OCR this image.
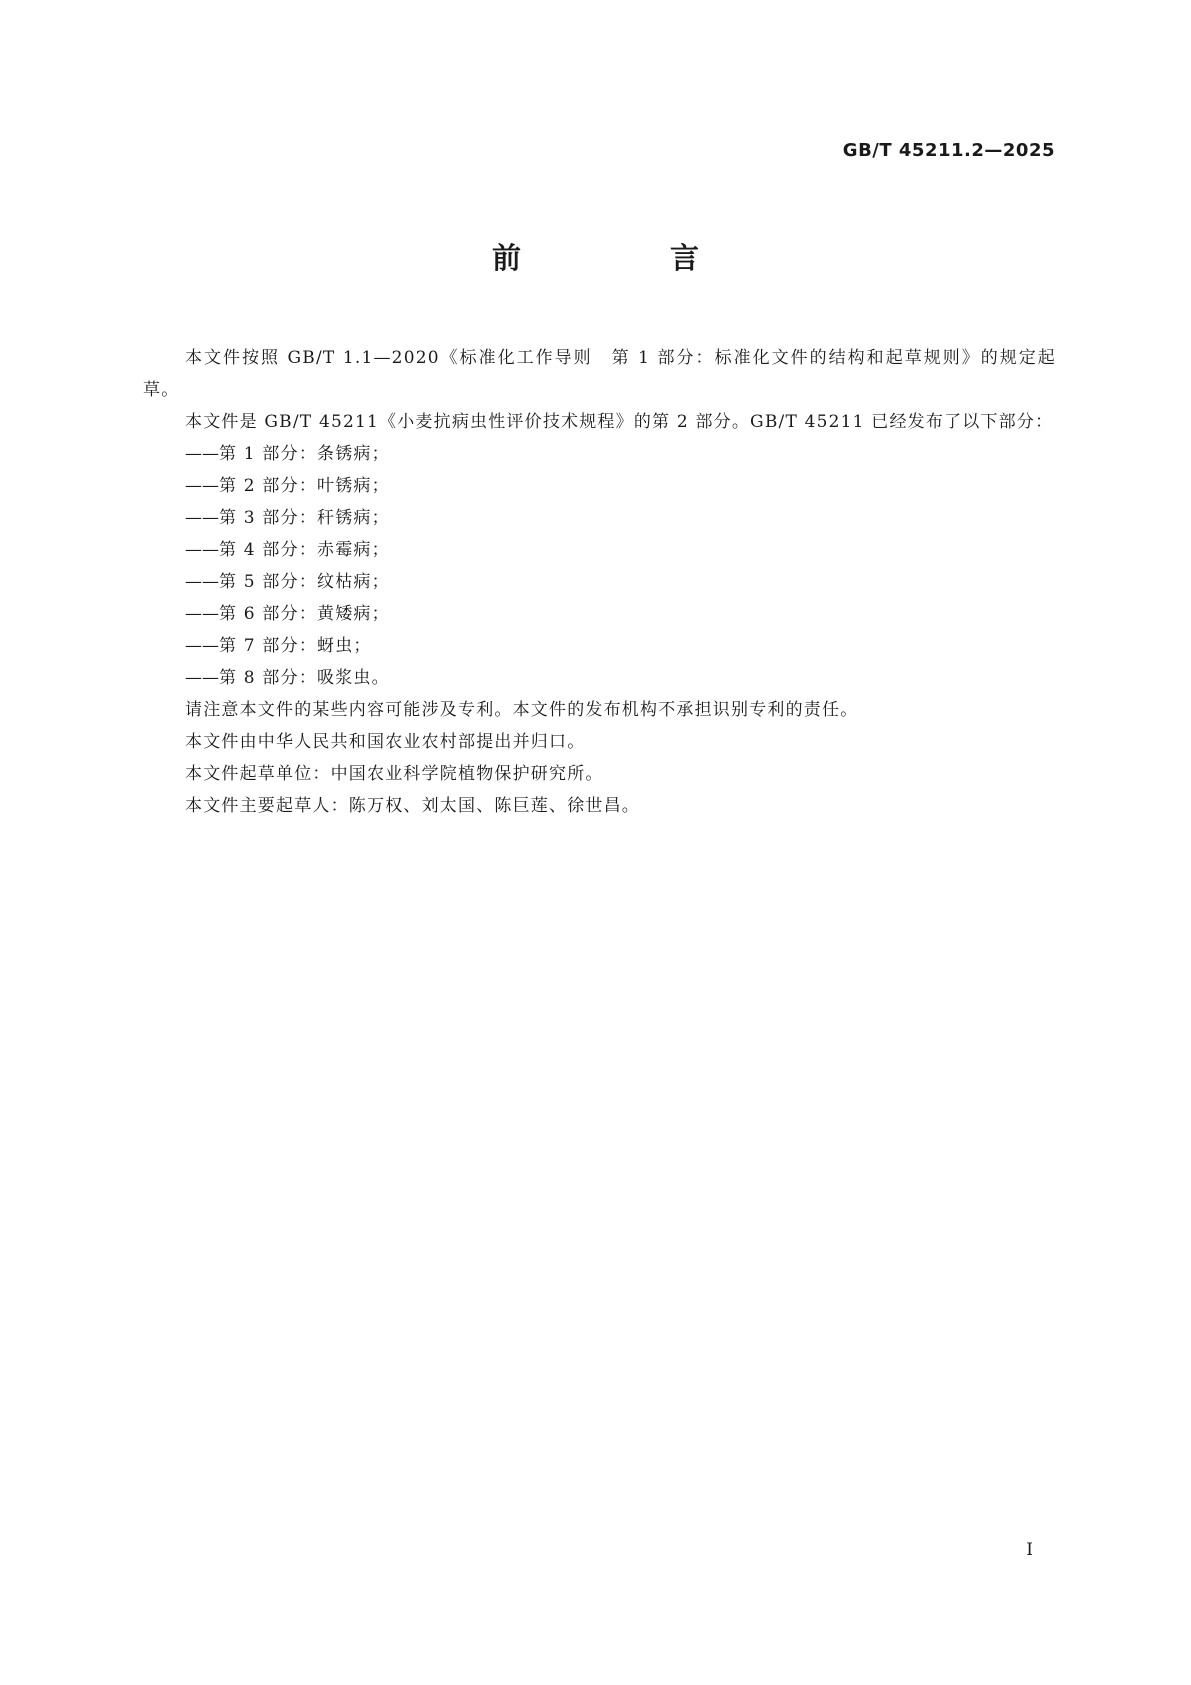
GB/T 45211.2—2025
前　言

本文件按照 GB/T 1.1—2020《标准化工作导则　第 1 部分：标准化文件的结构和起草规则》的规定起草。

本文件是 GB/T 45211《小麦抗病虫性评价技术规程》的第 2 部分。GB/T 45211 已经发布了以下部分：

——第 1 部分：条锈病；
——第 2 部分：叶锈病；
——第 3 部分：秆锈病；
——第 4 部分：赤霉病；
——第 5 部分：纹枯病；
——第 6 部分：黄矮病；
——第 7 部分：蚜虫；
——第 8 部分：吸浆虫。

请注意本文件的某些内容可能涉及专利。本文件的发布机构不承担识别专利的责任。

本文件由中华人民共和国农业农村部提出并归口。

本文件起草单位：中国农业科学院植物保护研究所。

本文件主要起草人：陈万权、刘太国、陈巨莲、徐世昌。

I
